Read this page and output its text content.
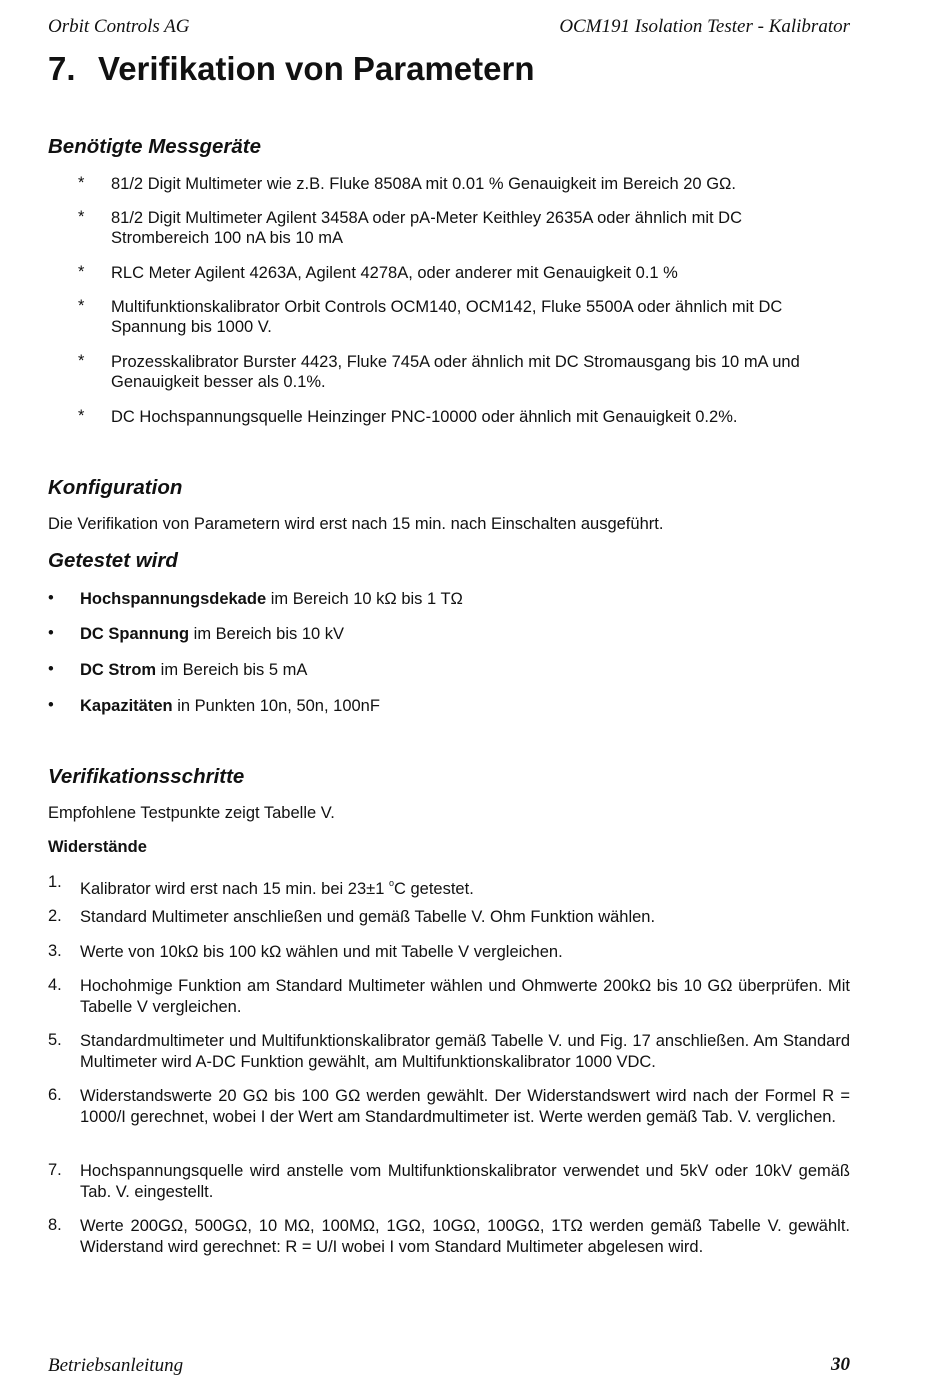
Orbit Controls AG	OCM191 Isolation Tester - Kalibrator
7. Verifikation von Parametern
Benötigte Messgeräte
* 81/2 Digit Multimeter wie z.B. Fluke 8508A mit 0.01 % Genauigkeit im Bereich 20 GΩ.
* 81/2 Digit Multimeter Agilent 3458A oder pA-Meter Keithley 2635A oder ähnlich mit DC Strombereich 100 nA bis 10 mA
* RLC Meter Agilent 4263A, Agilent 4278A, oder anderer mit Genauigkeit 0.1 %
* Multifunktionskalibrator Orbit Controls OCM140, OCM142, Fluke 5500A oder ähnlich mit DC Spannung bis 1000 V.
* Prozesskalibrator Burster 4423, Fluke 745A oder ähnlich mit DC Stromausgang bis 10 mA und Genauigkeit besser als 0.1%.
* DC Hochspannungsquelle Heinzinger PNC-10000 oder ähnlich mit Genauigkeit 0.2%.
Konfiguration

Die Verifikation von Parametern wird erst nach 15 min. nach Einschalten ausgeführt.

Getestet wird
• Hochspannungsdekade im Bereich 10 kΩ bis 1 TΩ
• DC Spannung im Bereich bis 10 kV
• DC Strom im Bereich bis 5 mA
• Kapazitäten in Punkten 10n, 50n, 100nF
Verifikationsschritte

Empfohlene Testpunkte zeigt Tabelle V.

Widerstände

1. Kalibrator wird erst nach 15 min. bei 23±1 $^o$C getestet.
2. Standard Multimeter anschließen und gemäß Tabelle V. Ohm Funktion wählen.
3. Werte von 10kΩ bis 100 kΩ wählen und mit Tabelle V vergleichen.
4. Hochohmige Funktion am Standard Multimeter wählen und Ohmwerte 200kΩ bis 10 GΩ überprüfen. Mit Tabelle V vergleichen.
5. Standardmultimeter und Multifunktionskalibrator gemäß Tabelle V. und Fig. 17 anschließen. Am Standard Multimeter wird A-DC Funktion gewählt, am Multifunktionskalibrator 1000 VDC.
6. Widerstandswerte 20 GΩ bis 100 GΩ werden gewählt. Der Widerstandswert wird nach der Formel R = 1000/I gerechnet, wobei I der Wert am Standardmultimeter ist. Werte werden gemäß Tab. V. verglichen.
7. Hochspannungsquelle wird anstelle vom Multifunktionskalibrator verwendet und 5kV oder 10kV gemäß Tab. V. eingestellt.
8. Werte 200GΩ, 500GΩ, 10 MΩ, 100MΩ, 1GΩ, 10GΩ, 100GΩ, 1TΩ werden gemäß Tabelle V. gewählt. Widerstand wird gerechnet: R = U/I wobei I vom Standard Multimeter abgelesen wird.
Betriebsanleitung	30
